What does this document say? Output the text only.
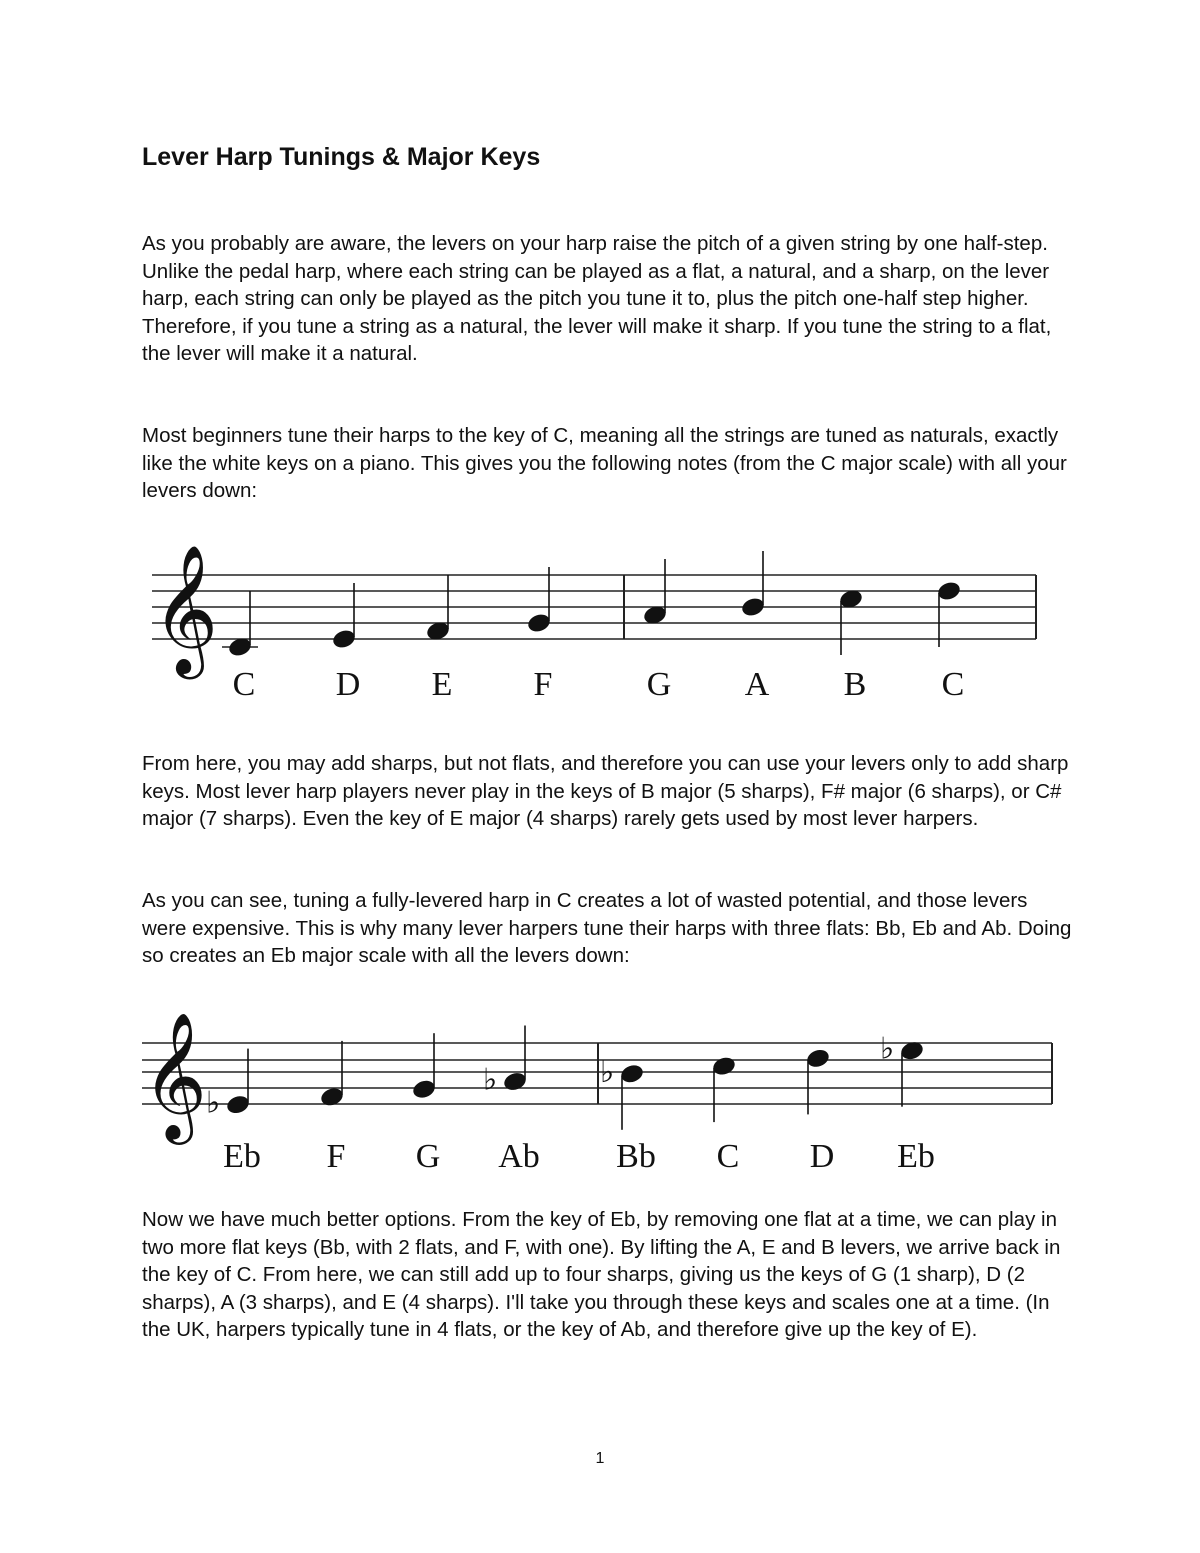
Lever Harp Tunings & Major Keys

As you probably are aware, the levers on your harp raise the pitch of a given string by one half-step. Unlike the pedal harp, where each string can be played as a flat, a natural, and a sharp, on the lever harp, each string can only be played as the pitch you tune it to, plus the pitch one-half step higher. Therefore, if you tune a string as a natural, the lever will make it sharp. If you tune the string to a flat, the lever will make it a natural.

Most beginners tune their harps to the key of C, meaning all the strings are tuned as naturals, exactly like the white keys on a piano. This gives you the following notes (from the C major scale) with all your levers down:

𝄞
C D E F	G A B C

From here, you may add sharps, but not flats, and therefore you can use your levers only to add sharp keys. Most lever harp players never play in the keys of B major (5 sharps), F# major (6 sharps), or C# major (7 sharps). Even the key of E major (4 sharps) rarely gets used by most lever harpers.

As you can see, tuning a fully-levered harp in C creates a lot of wasted potential, and those levers were expensive. This is why many lever harpers tune their harps with three flats: Bb, Eb and Ab. Doing so creates an Eb major scale with all the levers down:

𝄞
♭
Eb F G
♭
Ab
♭
Bb C D
♭
Eb

Now we have much better options. From the key of Eb, by removing one flat at a time, we can play in two more flat keys (Bb, with 2 flats, and F, with one). By lifting the A, E and B levers, we arrive back in the key of C. From here, we can still add up to four sharps, giving us the keys of G (1 sharp), D (2 sharps), A (3 sharps), and E (4 sharps). I'll take you through these keys and scales one at a time. (In the UK, harpers typically tune in 4 flats, or the key of Ab, and therefore give up the key of E).

1
